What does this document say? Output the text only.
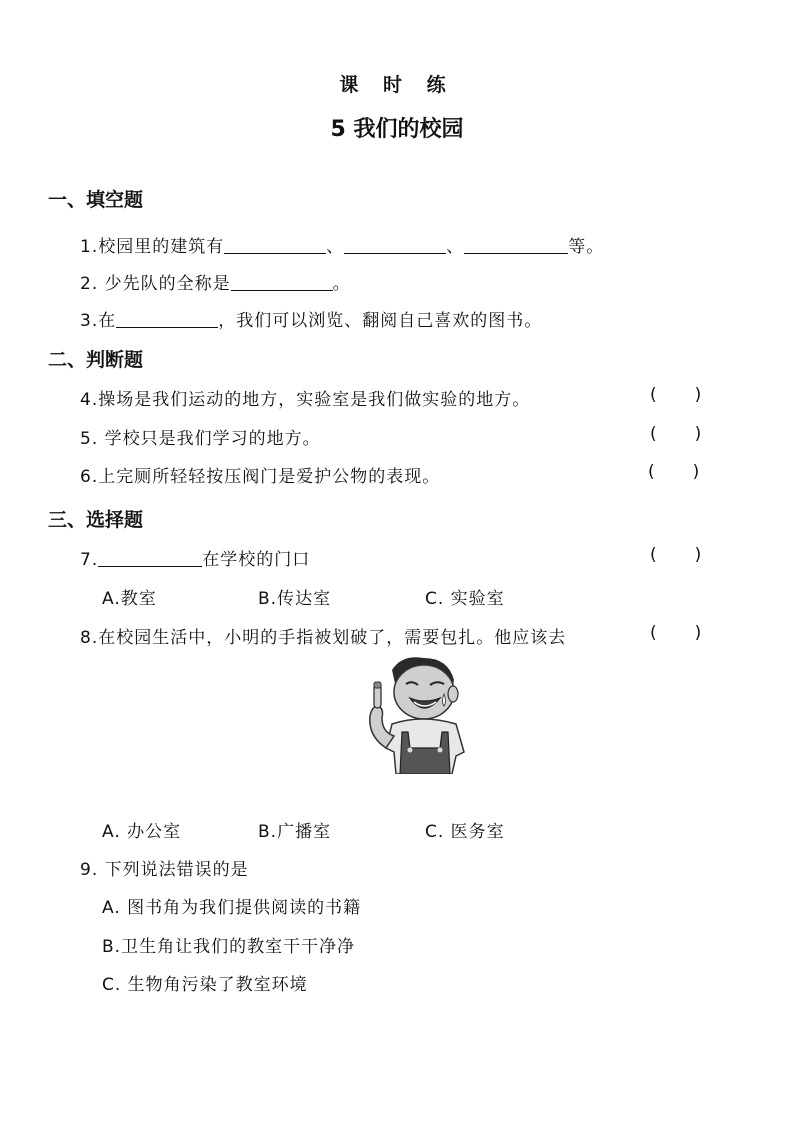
课 时 练
5 我们的校园
一、填空题
1.校园里的建筑有	、	、	等。
2. 少先队的全称是	。
3.在	，我们可以浏览、翻阅自己喜欢的图书。
二、判断题
4.操场是我们运动的地方，实验室是我们做实验的地方。	( )
5. 学校只是我们学习的地方。	( )
6.上完厕所轻轻按压阀门是爱护公物的表现。	( )
三、选择题
7.	在学校的门口	( )
A.教室	B.传达室	C. 实验室
8.在校园生活中，小明的手指被划破了，需要包扎。他应该去	( )
A. 办公室	B.广播室	C. 医务室
9. 下列说法错误的是
A. 图书角为我们提供阅读的书籍
B.卫生角让我们的教室干干净净
C. 生物角污染了教室环境
